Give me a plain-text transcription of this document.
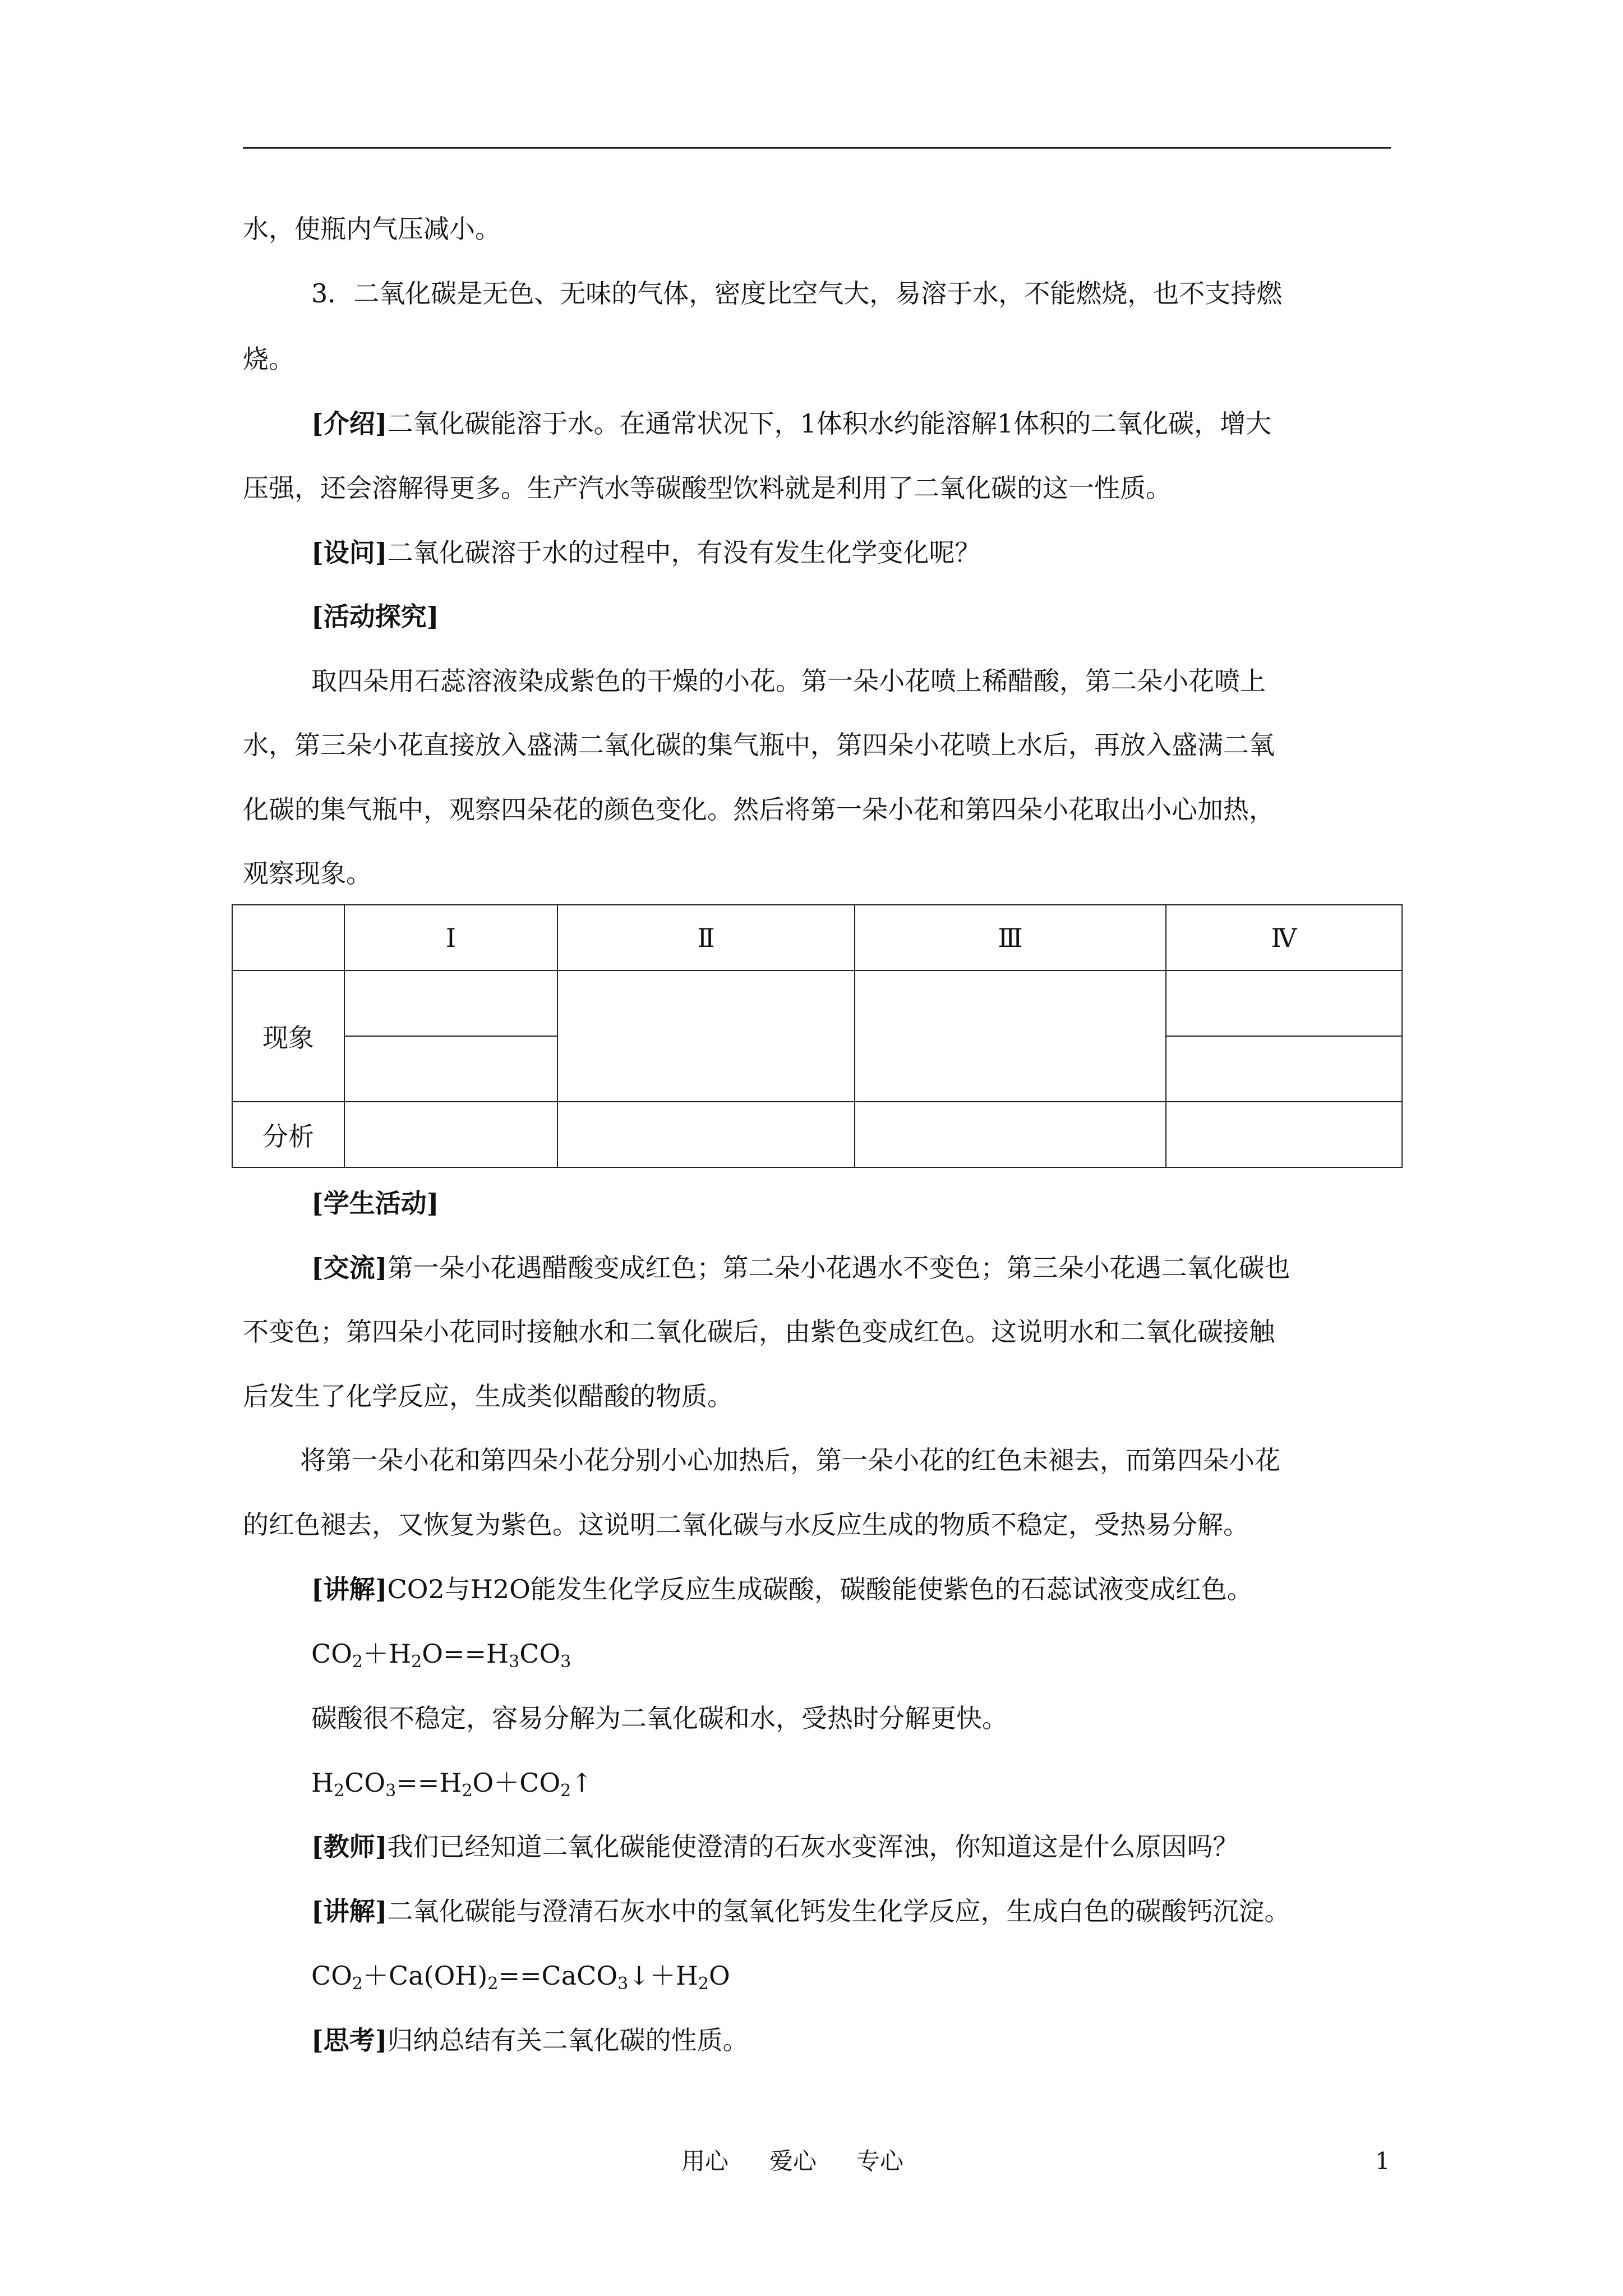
水，使瓶内气压减小。
3．二氧化碳是无色、无味的气体，密度比空气大，易溶于水，不能燃烧，也不支持燃
烧。
[介绍]二氧化碳能溶于水。在通常状况下，1体积水约能溶解1体积的二氧化碳，增大
压强，还会溶解得更多。生产汽水等碳酸型饮料就是利用了二氧化碳的这一性质。
[设问]二氧化碳溶于水的过程中，有没有发生化学变化呢？
[活动探究]
取四朵用石蕊溶液染成紫色的干燥的小花。第一朵小花喷上稀醋酸，第二朵小花喷上
水，第三朵小花直接放入盛满二氧化碳的集气瓶中，第四朵小花喷上水后，再放入盛满二氧
化碳的集气瓶中，观察四朵花的颜色变化。然后将第一朵小花和第四朵小花取出小心加热，
观察现象。
	Ⅰ	Ⅱ	Ⅲ	Ⅳ
现象				

分析				
[学生活动]
[交流]第一朵小花遇醋酸变成红色；第二朵小花遇水不变色；第三朵小花遇二氧化碳也
不变色；第四朵小花同时接触水和二氧化碳后，由紫色变成红色。这说明水和二氧化碳接触
后发生了化学反应，生成类似醋酸的物质。
将第一朵小花和第四朵小花分别小心加热后，第一朵小花的红色未褪去，而第四朵小花
的红色褪去，又恢复为紫色。这说明二氧化碳与水反应生成的物质不稳定，受热易分解。
[讲解]CO2与H2O能发生化学反应生成碳酸，碳酸能使紫色的石蕊试液变成红色。
$CO_2+H_2O==H_3CO_3$
碳酸很不稳定，容易分解为二氧化碳和水，受热时分解更快。
$H_2CO_3==H_2O+CO_2↑$
[教师]我们已经知道二氧化碳能使澄清的石灰水变浑浊，你知道这是什么原因吗？
[讲解]二氧化碳能与澄清石灰水中的氢氧化钙发生化学反应，生成白色的碳酸钙沉淀。
$CO_2+Ca(OH)_2==CaCO_3↓+H_2O$
[思考]归纳总结有关二氧化碳的性质。
用心 爱心 专心	1
